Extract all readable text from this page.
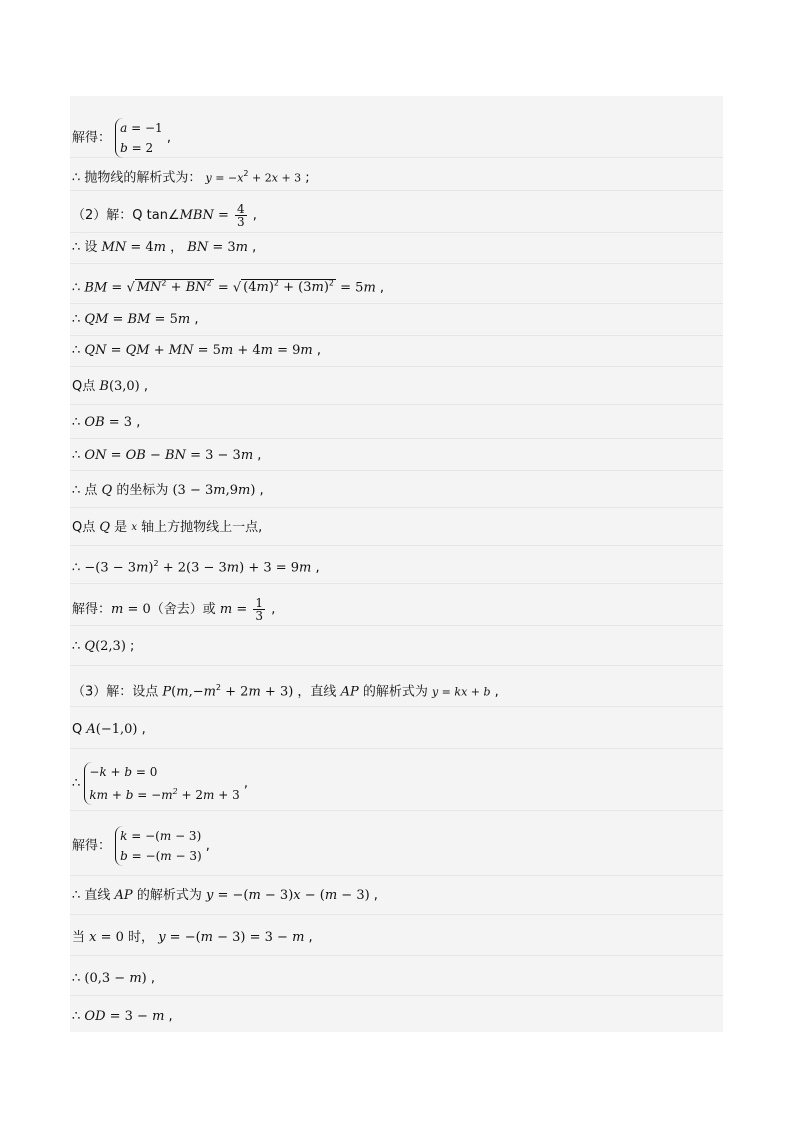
解得： a = −1
b = 2 ,
∴ 抛物线的解析式为： $y = -x^2 + 2x + 3$ ;
（2）解：Q tan∠MBN = $\frac{4}{3}$ ,
∴ 设 MN = 4m ， BN = 3m ,
∴ BM = √ $MN^2 + BN^2$ = √ $(4m)^2 + (3m)^2 = 5m$ ,
∴ QM = BM = 5m ,
∴ QN = QM + MN = 5m + 4m = 9m ,
Q点 B(3,0) ,
∴ OB = 3 ,
∴ ON = OB − BN = 3 − 3m ,
∴ 点 Q 的坐标为 (3 − 3m,9m) ,
Q点 Q 是 $^x$ 轴上方抛物线上一点,
∴ $-(3 - 3m)^2 + 2(3 - 3m) + 3 = 9m$ ,
解得：m = 0（舍去）或 $m = \frac{1}{3}$ ,
∴ Q(2,3) ;
（3）解：设点 $P(m,-m^2 + 2m + 3)$ ，直线 AP 的解析式为 y = kx + b ,
Q A(−1,0) ,
∴ −k + b = 0
km + $b = -m^2 + 2m + 3$ ,
解得： k = −(m − 3)
b = −(m − 3) ,
∴ 直线 AP 的解析式为 y = −(m − 3)x − (m − 3) ,
当 x = 0 时， y = −(m − 3) = 3 − m ,
∴ (0,3 − m) ,
∴ OD = 3 − m ,
